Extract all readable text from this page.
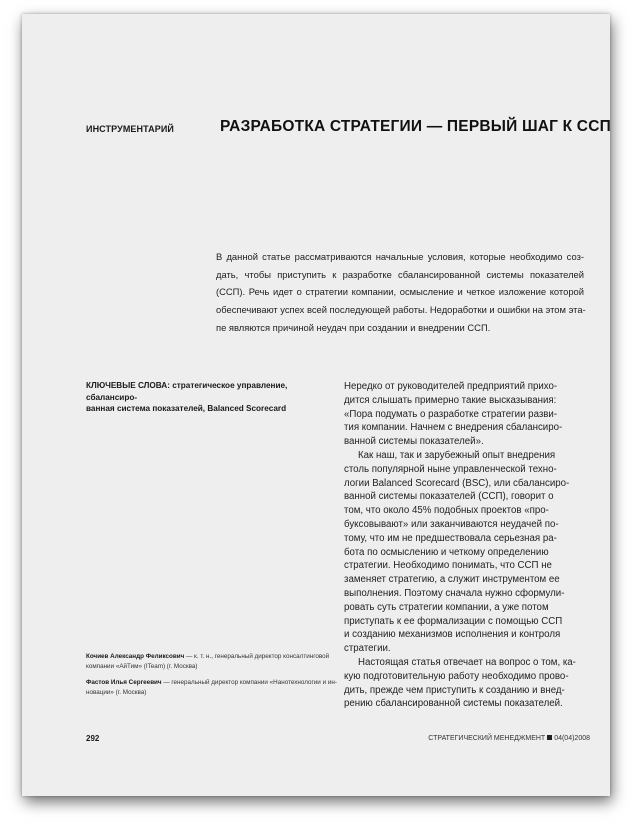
ИНСТРУМЕНТАРИЙ	РАЗРАБОТКА СТРАТЕГИИ — ПЕРВЫЙ ШАГ К ССП
В данной статье рассматриваются начальные условия, которые необходимо соз-
дать, чтобы приступить к разработке сбалансированной системы показателей
(ССП). Речь идет о стратегии компании, осмысление и четкое изложение которой
обеспечивают успех всей последующей работы. Недоработки и ошибки на этом эта-
пе являются причиной неудач при создании и внедрении ССП.
КЛЮЧЕВЫЕ СЛОВА: стратегическое управление, сбалансиро-
ванная система показателей, Balanced Scorecard
Нередко от руководителей предприятий прихо-
дится слышать примерно такие высказывания:
«Пора подумать о разработке стратегии разви-
тия компании. Начнем с внедрения сбалансиро-
ванной системы показателей».
Как наш, так и зарубежный опыт внедрения
столь популярной ныне управленческой техно-
логии Balanced Scorecard (BSC), или сбалансиро-
ванной системы показателей (ССП), говорит о
том, что около 45% подобных проектов «про-
буксовывают» или заканчиваются неудачей по-
тому, что им не предшествовала серьезная ра-
бота по осмыслению и четкому определению
стратегии. Необходимо понимать, что ССП не
заменяет стратегию, а служит инструментом ее
выполнения. Поэтому сначала нужно сформули-
ровать суть стратегии компании, а уже потом
приступать к ее формализации с помощью ССП
и созданию механизмов исполнения и контроля
стратегии.
Настоящая статья отвечает на вопрос о том, ка-
кую подготовительную работу необходимо прово-
дить, прежде чем приступить к созданию и внед-
рению сбалансированной системы показателей.
Кочиев Александр Феликсович — к. т. н., генеральный директор консалтинговой
компании «АйТим» (ITeam) (г. Москва)
Фастов Илья Сергеевич — генеральный директор компании «Нанотехнологии и ин-
новации» (г. Москва)
292	СТРАТЕГИЧЕСКИЙ МЕНЕДЖМЕНТ 04(04)2008
